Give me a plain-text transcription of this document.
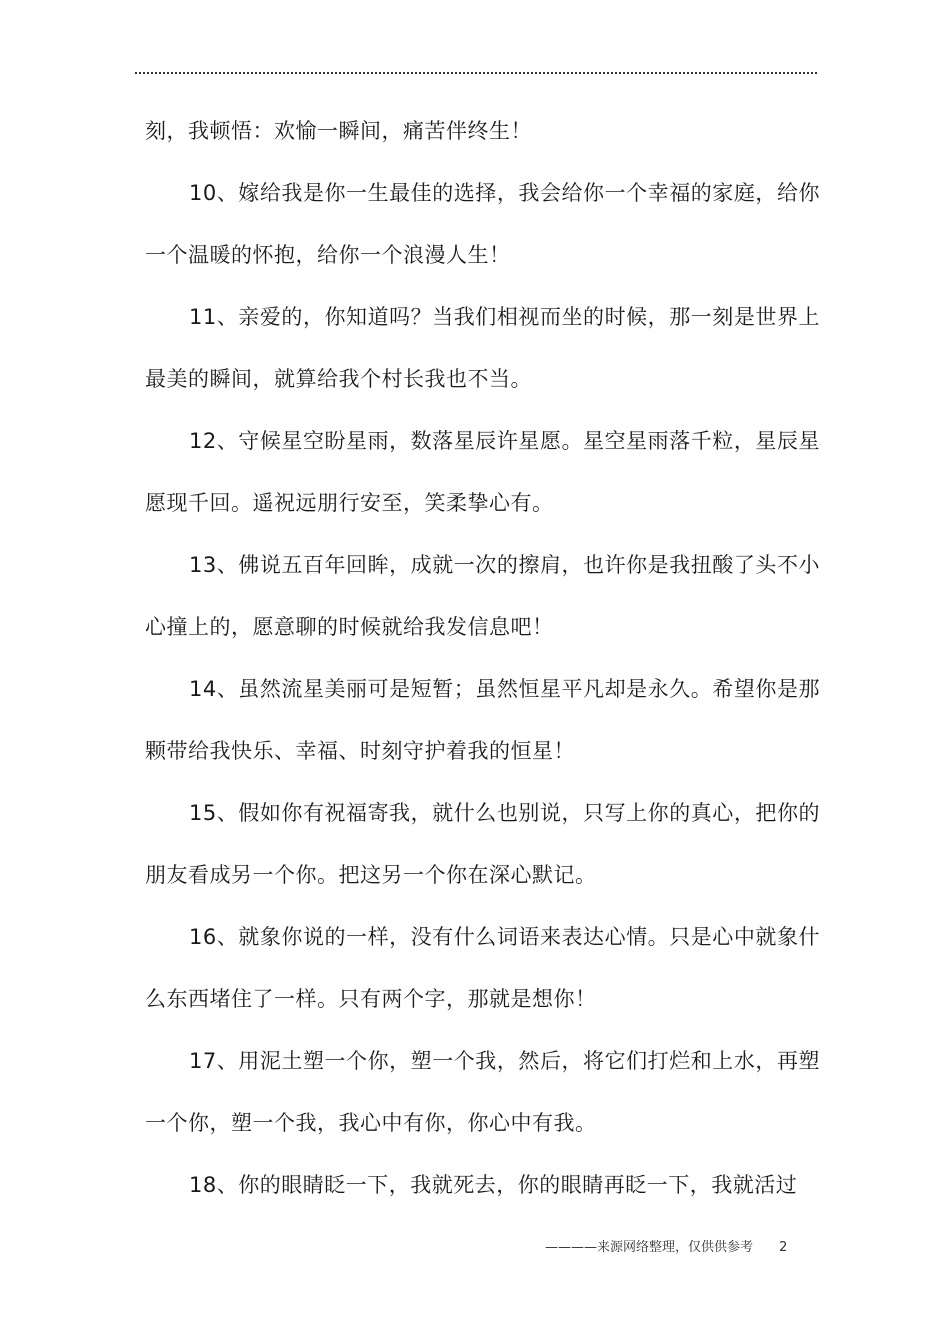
刻，我顿悟：欢愉一瞬间，痛苦伴终生！

10、嫁给我是你一生最佳的选择，我会给你一个幸福的家庭，给你一个温暖的怀抱，给你一个浪漫人生！

11、亲爱的，你知道吗？当我们相视而坐的时候，那一刻是世界上最美的瞬间，就算给我个村长我也不当。

12、守候星空盼星雨，数落星辰许星愿。星空星雨落千粒，星辰星愿现千回。遥祝远朋行安至，笑柔挚心有。

13、佛说五百年回眸，成就一次的擦肩，也许你是我扭酸了头不小心撞上的，愿意聊的时候就给我发信息吧！

14、虽然流星美丽可是短暂；虽然恒星平凡却是永久。希望你是那颗带给我快乐、幸福、时刻守护着我的恒星！

15、假如你有祝福寄我，就什么也别说，只写上你的真心，把你的朋友看成另一个你。把这另一个你在深心默记。

16、就象你说的一样，没有什么词语来表达心情。只是心中就象什么东西堵住了一样。只有两个字，那就是想你！

17、用泥土塑一个你，塑一个我，然后，将它们打烂和上水，再塑一个你，塑一个我，我心中有你，你心中有我。

18、你的眼睛眨一下，我就死去，你的眼睛再眨一下，我就活过

————来源网络整理，仅供供参考 2
